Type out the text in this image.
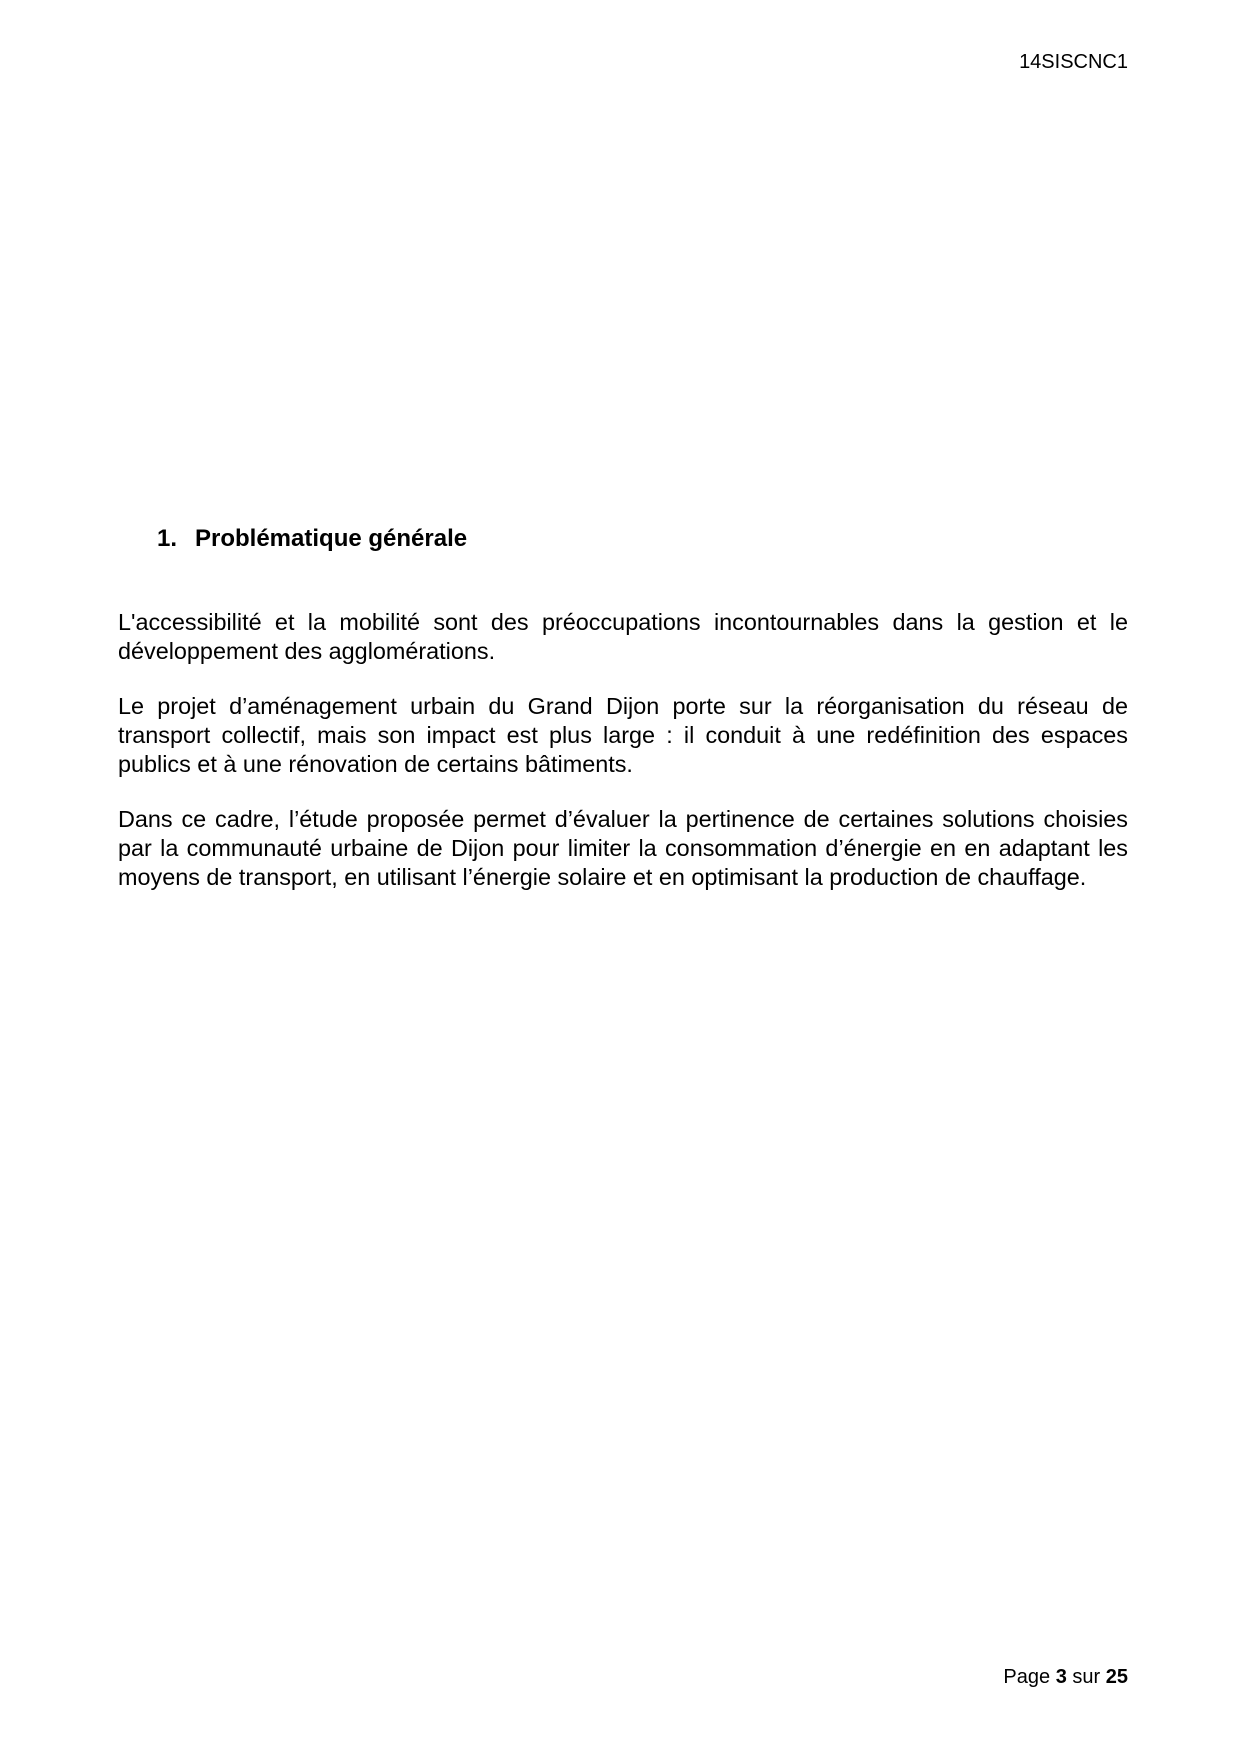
14SISCNC1
1. Problématique générale

L'accessibilité et la mobilité sont des préoccupations incontournables dans la gestion et le développement des agglomérations.

Le projet d’aménagement urbain du Grand Dijon porte sur la réorganisation du réseau de transport collectif, mais son impact est plus large : il conduit à une redéfinition des espaces publics et à une rénovation de certains bâtiments.

Dans ce cadre, l’étude proposée permet d’évaluer la pertinence de certaines solutions choisies par la communauté urbaine de Dijon pour limiter la consommation d’énergie en en adaptant les moyens de transport, en utilisant l’énergie solaire et en optimisant la production de chauffage.

Page 3 sur 25
